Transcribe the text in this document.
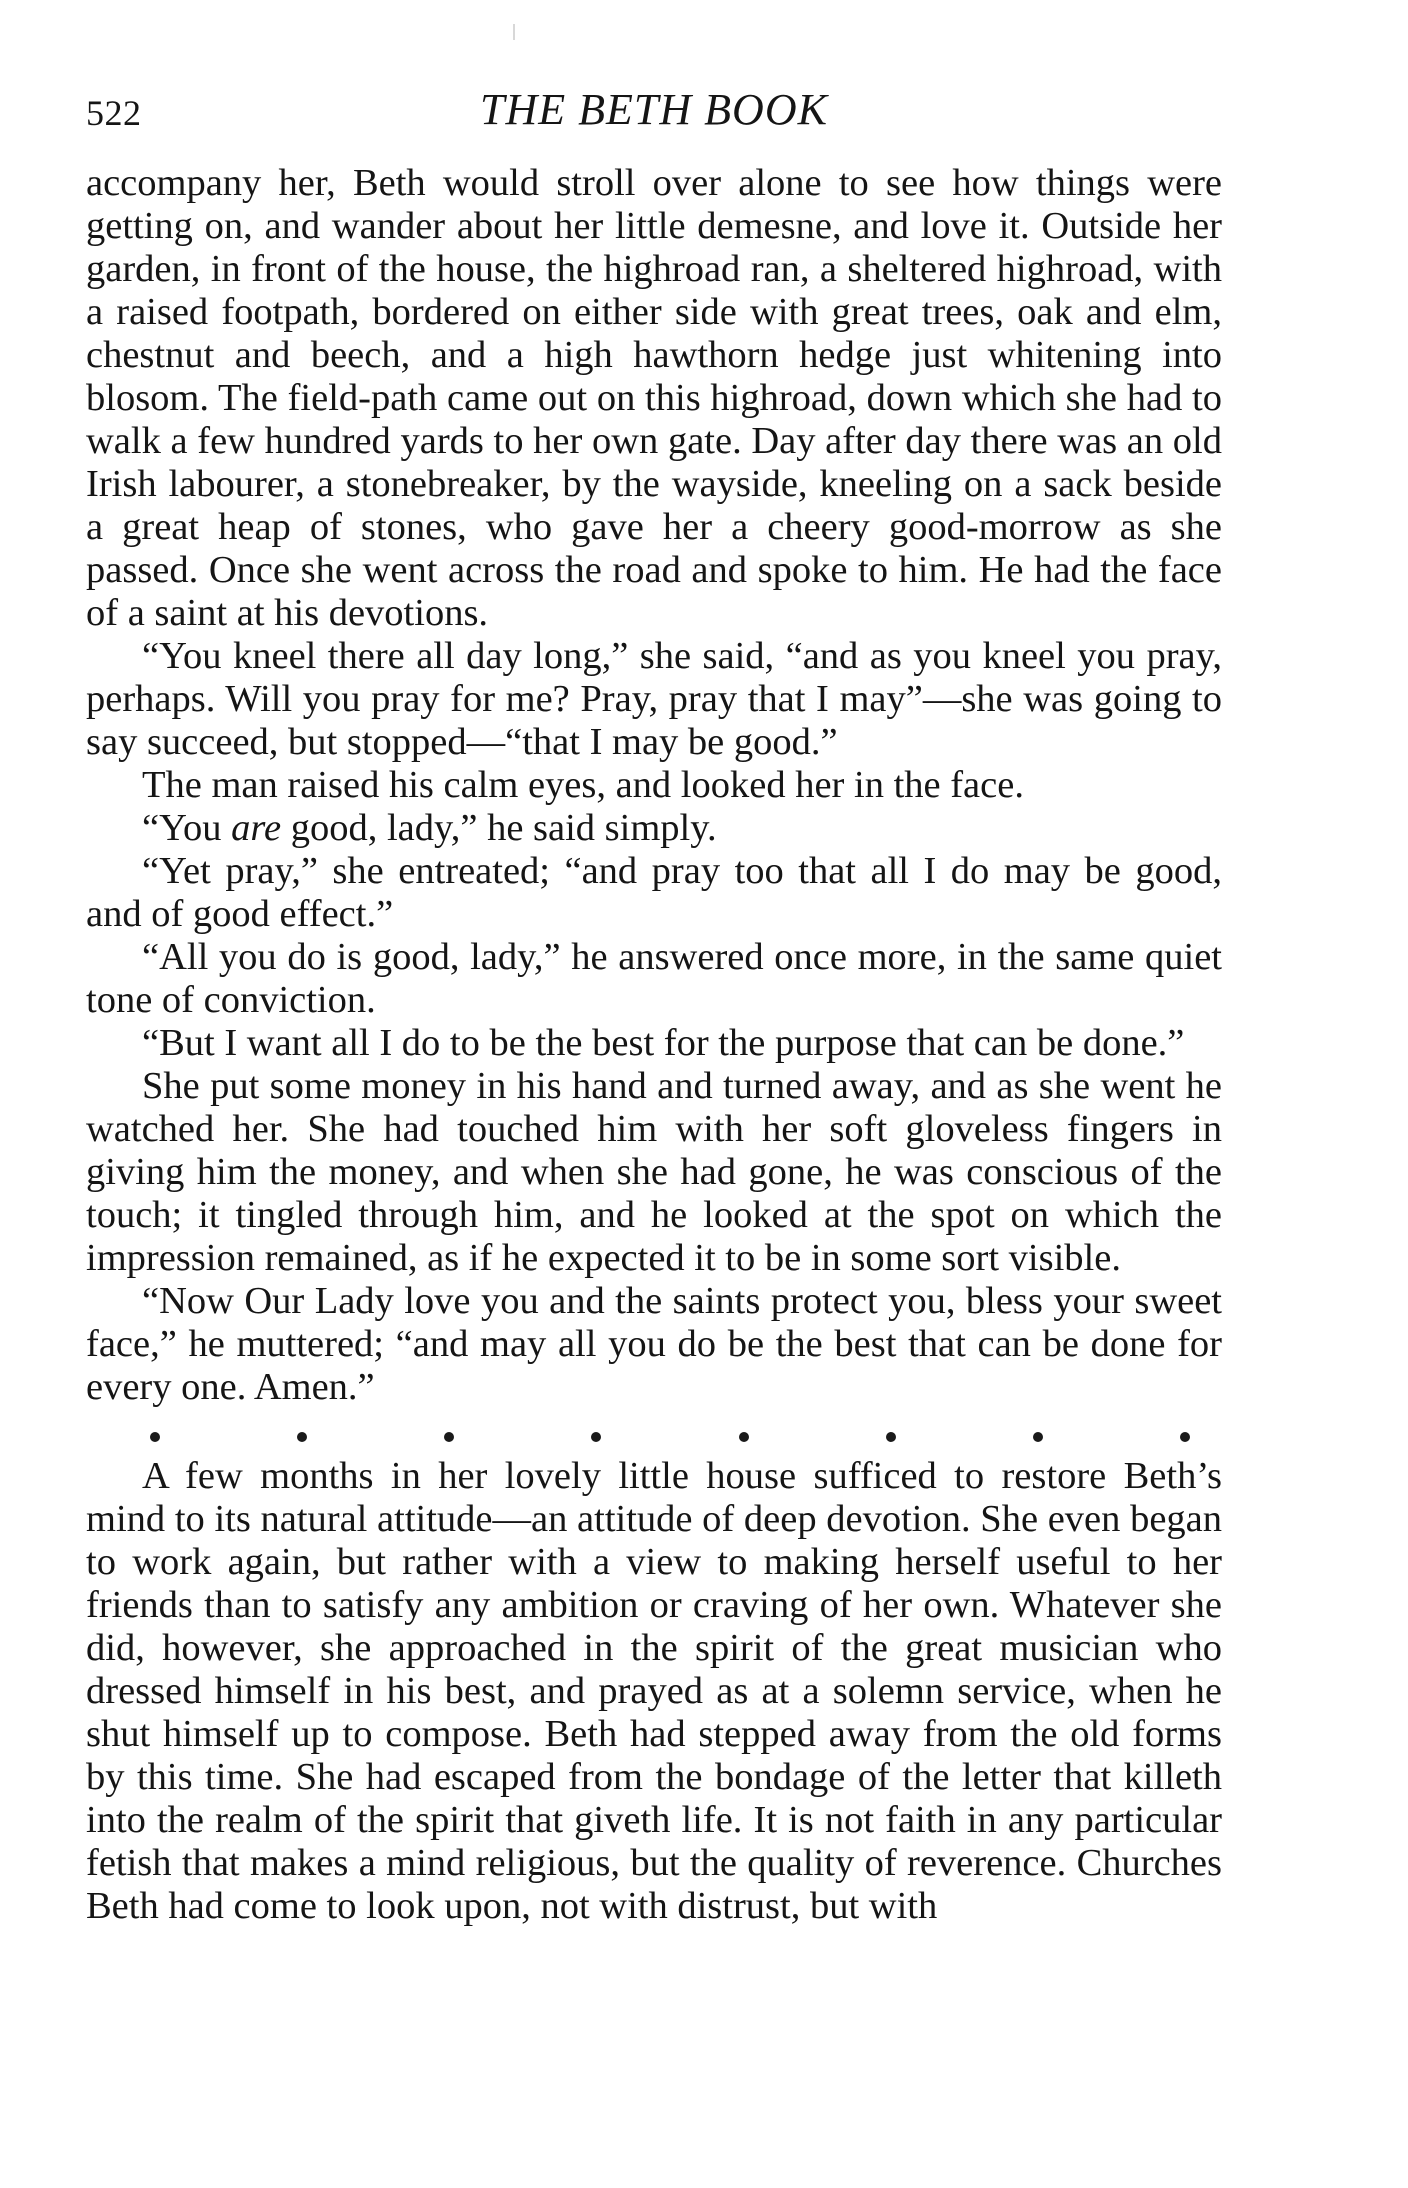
522	THE BETH BOOK

accompany her, Beth would stroll over alone to see how things were getting on, and wander about her little demesne, and love it. Outside her garden, in front of the house, the highroad ran, a sheltered highroad, with a raised footpath, bordered on either side with great trees, oak and elm, chestnut and beech, and a high hawthorn hedge just whitening into blosom. The field-path came out on this highroad, down which she had to walk a few hundred yards to her own gate. Day after day there was an old Irish labourer, a stonebreaker, by the wayside, kneeling on a sack beside a great heap of stones, who gave her a cheery good-morrow as she passed. Once she went across the road and spoke to him. He had the face of a saint at his devotions.

“You kneel there all day long,” she said, “and as you kneel you pray, perhaps. Will you pray for me? Pray, pray that I may”—she was going to say succeed, but stopped—“that I may be good.”

The man raised his calm eyes, and looked her in the face.

“You are good, lady,” he said simply.

“Yet pray,” she entreated; “and pray too that all I do may be good, and of good effect.”

“All you do is good, lady,” he answered once more, in the same quiet tone of conviction.

“But I want all I do to be the best for the purpose that can be done.”

She put some money in his hand and turned away, and as she went he watched her. She had touched him with her soft gloveless fingers in giving him the money, and when she had gone, he was conscious of the touch; it tingled through him, and he looked at the spot on which the impression remained, as if he expected it to be in some sort visible.

“Now Our Lady love you and the saints protect you, bless your sweet face,” he muttered; “and may all you do be the best that can be done for every one. Amen.”

A few months in her lovely little house sufficed to restore Beth’s mind to its natural attitude—an attitude of deep devotion. She even began to work again, but rather with a view to making herself useful to her friends than to satisfy any ambition or craving of her own. Whatever she did, however, she approached in the spirit of the great musician who dressed himself in his best, and prayed as at a solemn service, when he shut himself up to compose. Beth had stepped away from the old forms by this time. She had escaped from the bondage of the letter that killeth into the realm of the spirit that giveth life. It is not faith in any particular fetish that makes a mind religious, but the quality of reverence. Churches Beth had come to look upon, not with distrust, but with
